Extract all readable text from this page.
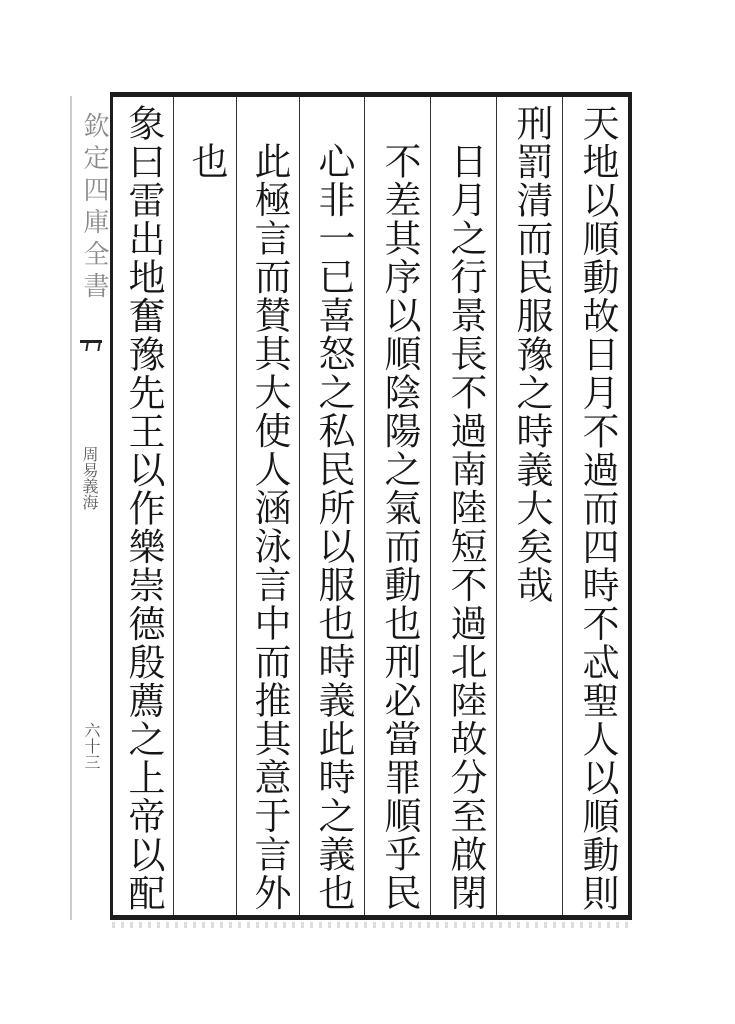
欽定四庫全書
周易義海
六十三	天地以順動故日月不過而四時不忒聖人以順動則
刑罰清而民服豫之時義大矣哉
日月之行景長不過南陸短不過北陸故分至啟閉
不差其序以順陰陽之氣而動也刑必當罪順乎民
心非一已喜怒之私民所以服也時義此時之義也
此極言而賛其大使人涵泳言中而推其意于言外
也
象曰雷出地奮豫先王以作樂崇德殷薦之上帝以配
